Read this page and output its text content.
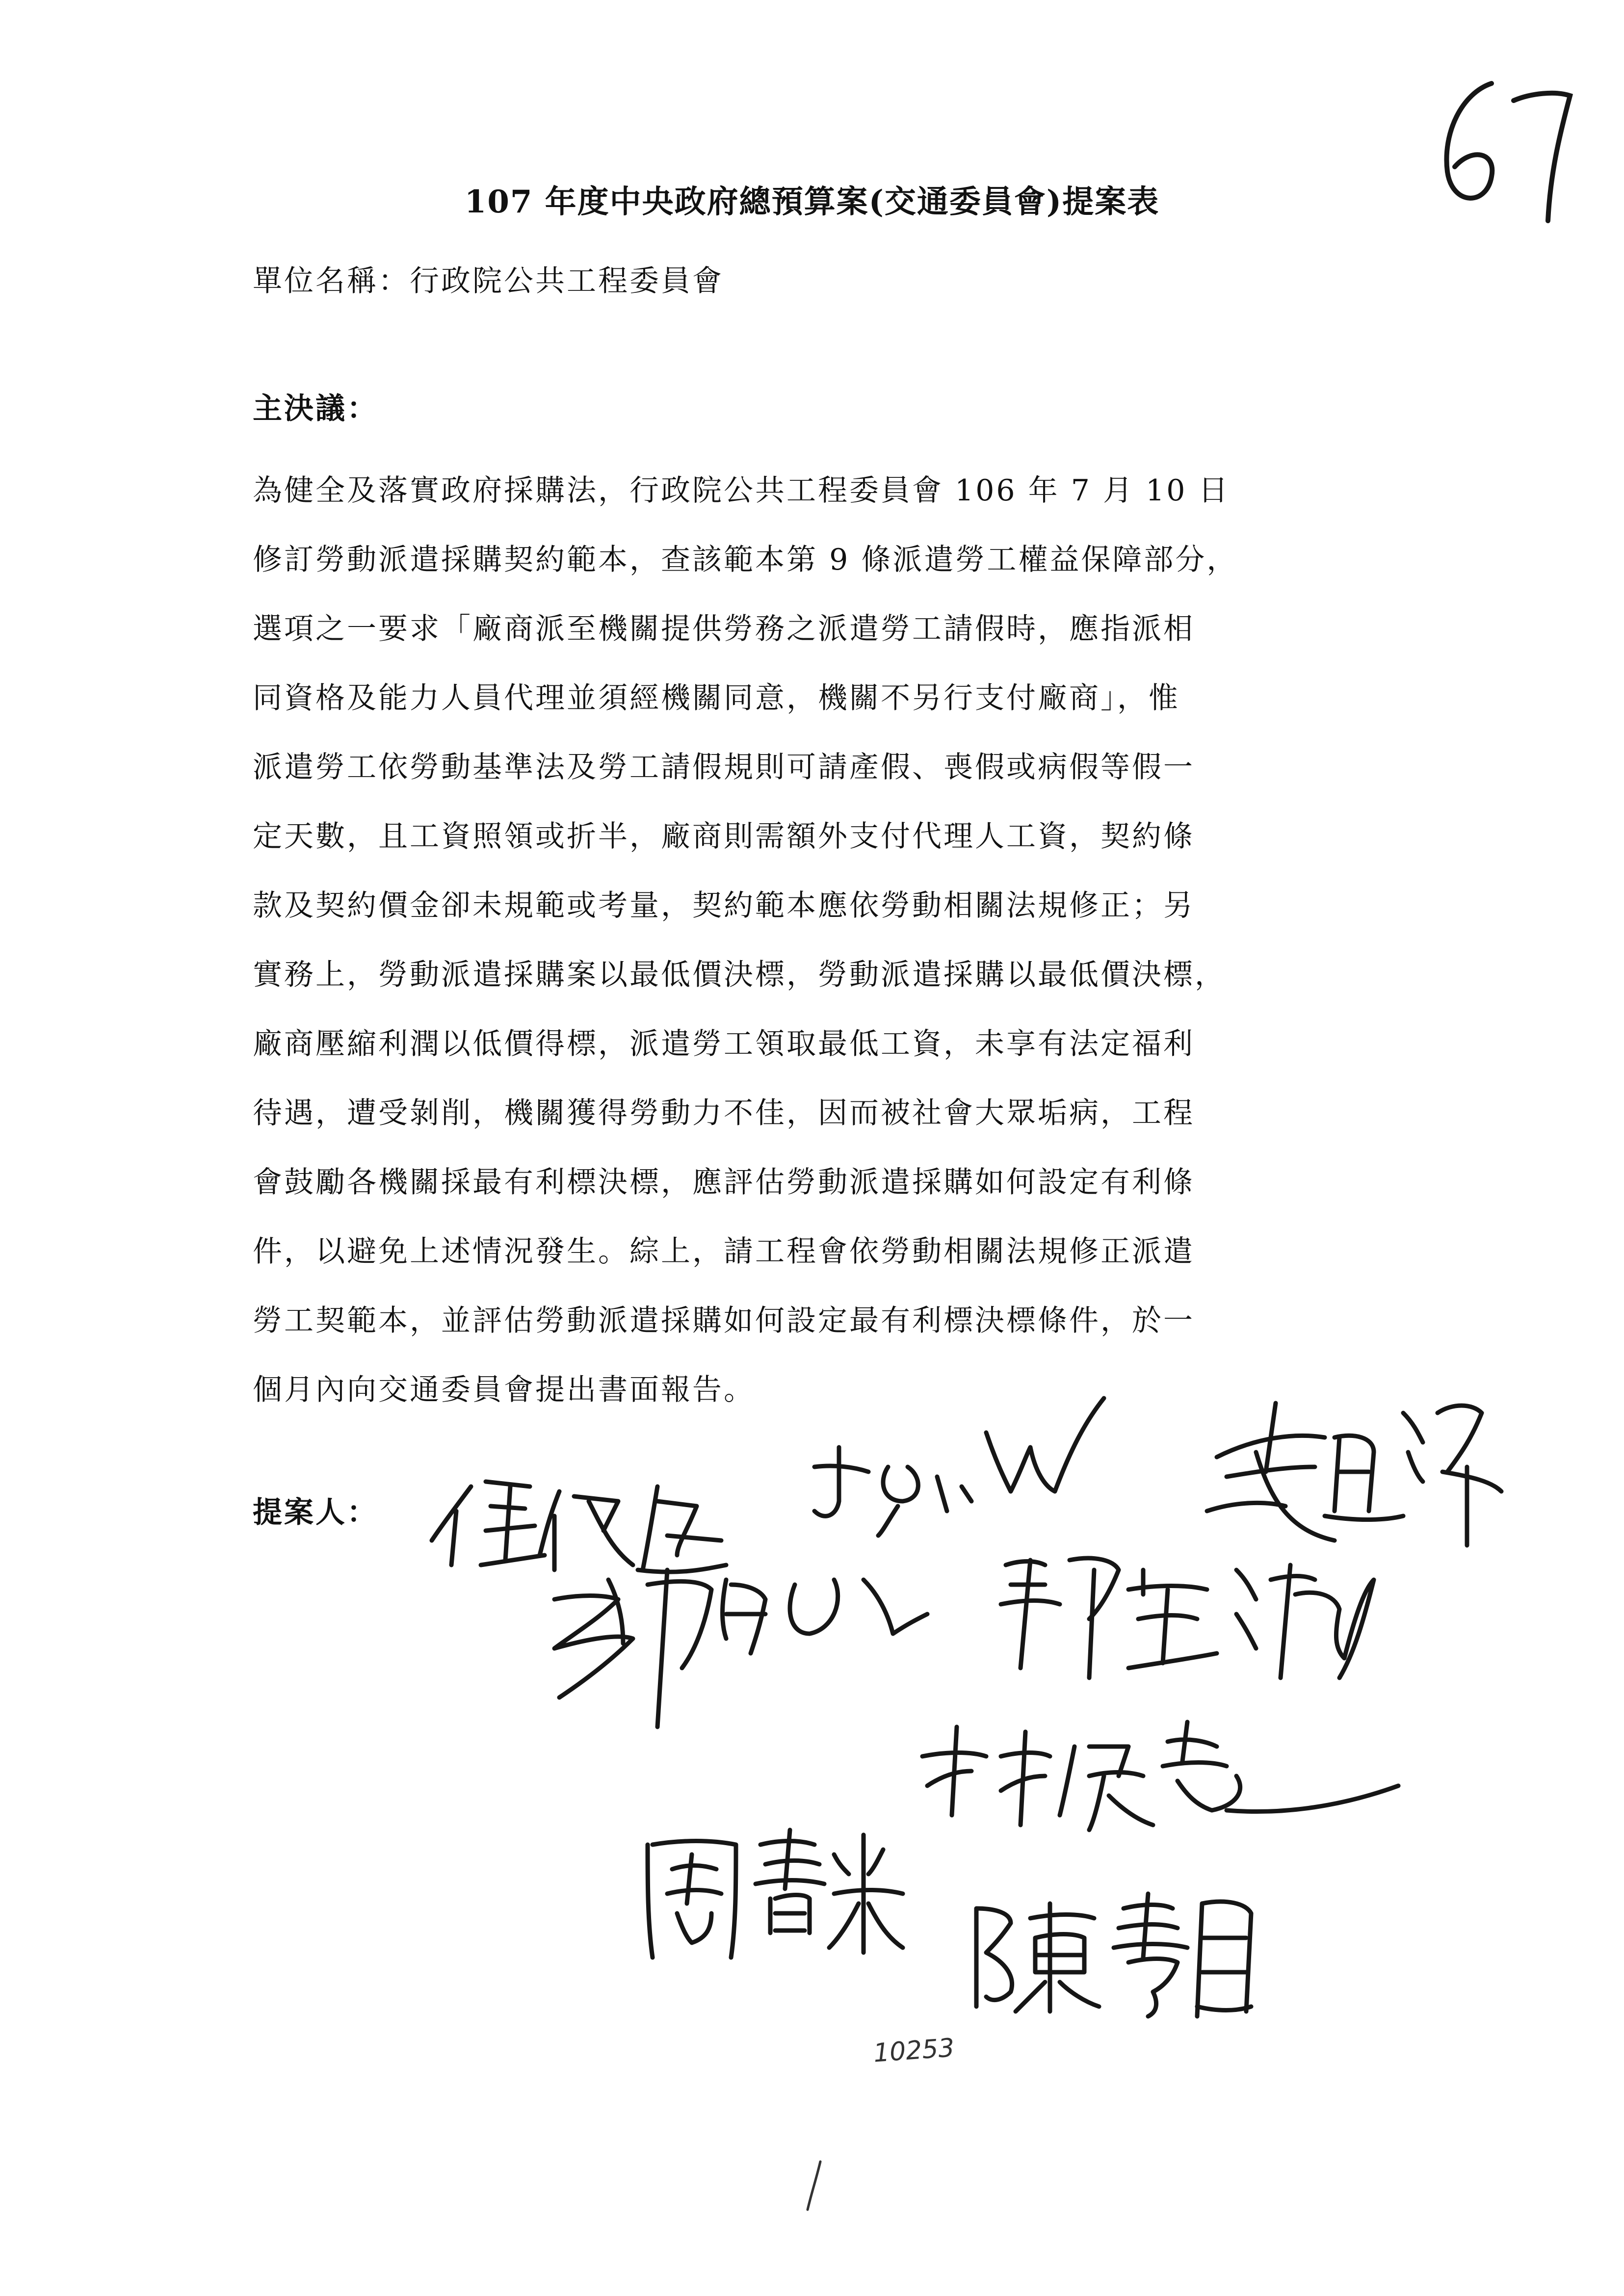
107 年度中央政府總預算案(交通委員會)提案表
單位名稱：行政院公共工程委員會
主決議：
為健全及落實政府採購法，行政院公共工程委員會 106 年 7 月 10 日
修訂勞動派遣採購契約範本，查該範本第 9 條派遣勞工權益保障部分，
選項之一要求「廠商派至機關提供勞務之派遣勞工請假時，應指派相
同資格及能力人員代理並須經機關同意，機關不另行支付廠商」，惟
派遣勞工依勞動基準法及勞工請假規則可請產假、喪假或病假等假一
定天數，且工資照領或折半，廠商則需額外支付代理人工資，契約條
款及契約價金卻未規範或考量，契約範本應依勞動相關法規修正；另
實務上，勞動派遣採購案以最低價決標，勞動派遣採購以最低價決標，
廠商壓縮利潤以低價得標，派遣勞工領取最低工資，未享有法定福利
待遇，遭受剝削，機關獲得勞動力不佳，因而被社會大眾垢病，工程
會鼓勵各機關採最有利標決標，應評估勞動派遣採購如何設定有利條
件，以避免上述情況發生。綜上，請工程會依勞動相關法規修正派遣
勞工契範本，並評估勞動派遣採購如何設定最有利標決標條件，於一
個月內向交通委員會提出書面報告。
提案人：
10253
